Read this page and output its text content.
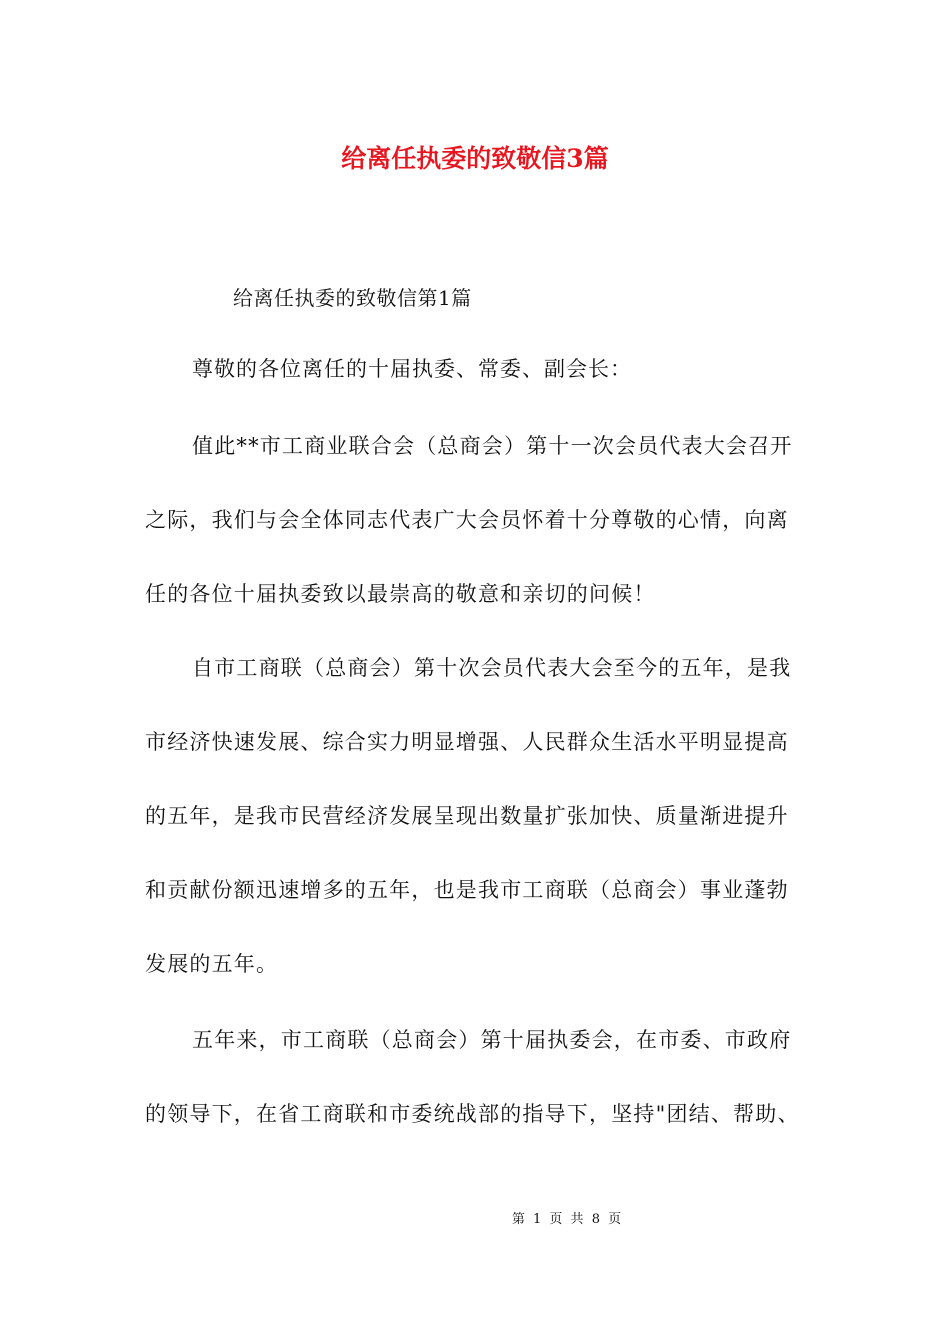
给离任执委的致敬信3篇
给离任执委的致敬信第1篇
尊敬的各位离任的十届执委、常委、副会长：
值此**市工商业联合会（总商会）第十一次会员代表大会召开
之际，我们与会全体同志代表广大会员怀着十分尊敬的心情，向离
任的各位十届执委致以最崇高的敬意和亲切的问候！
自市工商联（总商会）第十次会员代表大会至今的五年，是我
市经济快速发展、综合实力明显增强、人民群众生活水平明显提高
的五年，是我市民营经济发展呈现出数量扩张加快、质量渐进提升
和贡献份额迅速增多的五年，也是我市工商联（总商会）事业蓬勃
发展的五年。
五年来，市工商联（总商会）第十届执委会，在市委、市政府
的领导下，在省工商联和市委统战部的指导下，坚持"团结、帮助、
第 1 页 共 8 页
